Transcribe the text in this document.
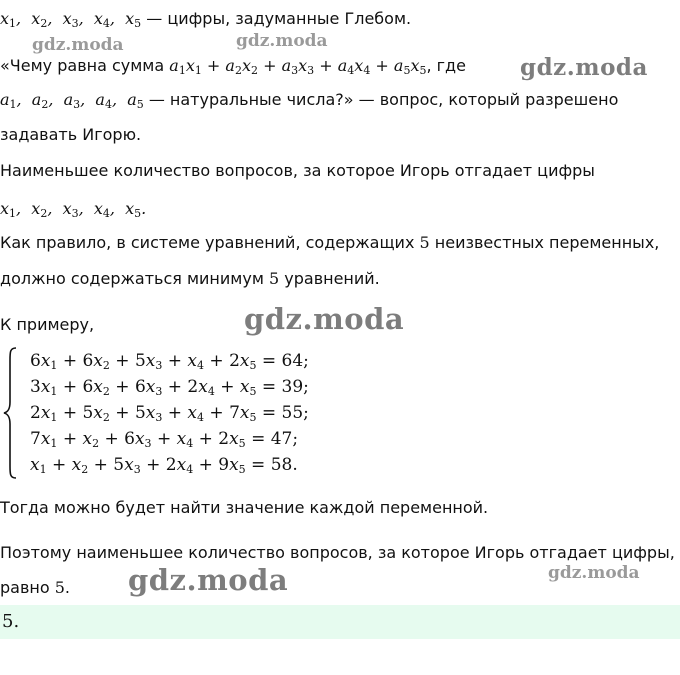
$x_1$,  $x_2$,  $x_3$,  $x_4$,  $x_5$ — цифры, задуманные Глебом.
«Чему равна сумма $a_1x_1 + a_2x_2 + a_3x_3 + a_4x_4 + a_5x_5$, где
$a_1$,  $a_2$,  $a_3$,  $a_4$,  $a_5$ — натуральные числа?» — вопрос, который разрешено
задавать Игорю.
Наименьшее количество вопросов, за которое Игорь отгадает цифры
$x_1$,  $x_2$,  $x_3$,  $x_4$,  $x_5$.
Как правило, в системе уравнений, содержащих 5 неизвестных переменных,
должно содержаться минимум 5 уравнений.
К примеру,
$6x_1 + 6x_2 + 5x_3 + x_4 + 2x_5 = 64$;
$3x_1 + 6x_2 + 6x_3 + 2x_4 + x_5 = 39$;
$2x_1 + 5x_2 + 5x_3 + x_4 + 7x_5 = 55$;
$7x_1 + x_2 + 6x_3 + x_4 + 2x_5 = 47$;
$x_1 + x_2 + 5x_3 + 2x_4 + 9x_5 = 58$.
Тогда можно будет найти значение каждой переменной.
Поэтому наименьшее количество вопросов, за которое Игорь отгадает цифры,
равно 5.
5.
gdz.moda	gdz.moda
gdz.moda
gdz.moda
gdz.moda	gdz.moda
